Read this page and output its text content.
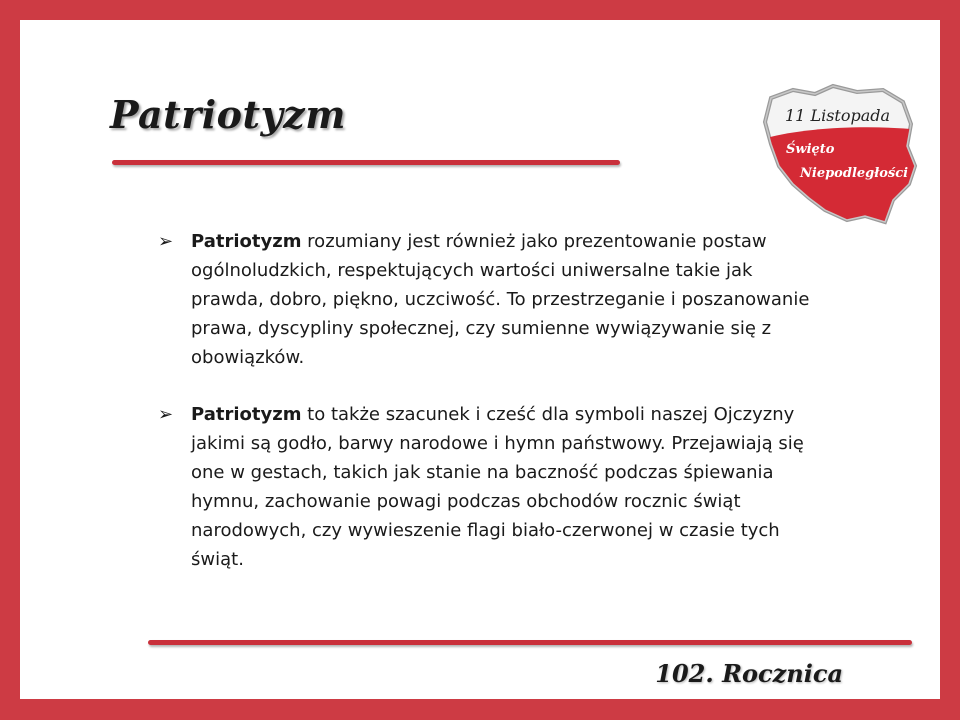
Patriotyzm	11 Listopada
Święto
Niepodległości

➢ Patriotyzm rozumiany jest również jako prezentowanie postaw ogólnoludzkich, respektujących wartości uniwersalne takie jak prawda, dobro, piękno, uczciwość. To przestrzeganie i poszanowanie prawa, dyscypliny społecznej, czy sumienne wywiązywanie się z obowiązków.

➢ Patriotyzm to także szacunek i cześć dla symboli naszej Ojczyzny jakimi są godło, barwy narodowe i hymn państwowy. Przejawiają się one w gestach, takich jak stanie na baczność podczas śpiewania hymnu, zachowanie powagi podczas obchodów rocznic świąt narodowych, czy wywieszenie flagi biało-czerwonej w czasie tych świąt.

102. Rocznica
